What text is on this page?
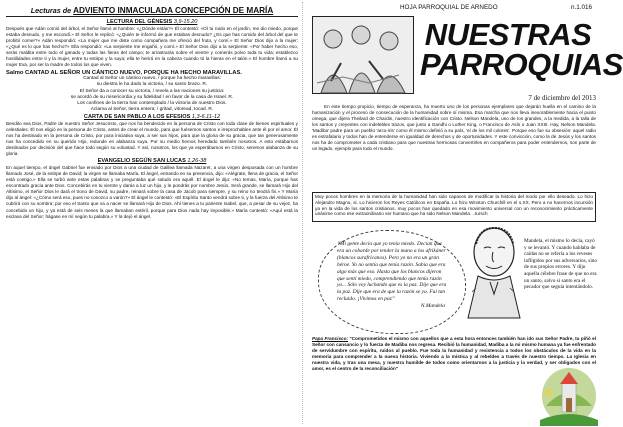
Lecturas de ADVIENTO INMACULADA CONCEPCIÓN DE MARÍA
LECTURA DEL GÉNESIS 3,9-15.20

Después que Adán comió del árbol, el Señor llamó al hombre: «¿Dónde estás?» Él contestó: «Oí tu ruido en el jardín, me dio miedo, porque estaba desnudo, y me escondí.» El Señor le replicó: «¿Quién te informó de que estabas desnudo? ¿Es que has comido del árbol del que te prohibí comer?» Adán respondió: «La mujer que me diste como compañera me ofreció del fruto, y comí.» El Señor Dios dijo a la mujer: «¿Qué es lo que has hecho?» Ella respondió: «La serpiente me engañó, y comí.» El Señor Dios dijo a la serpiente: «Por haber hecho eso, serás maldita entre todo el ganado y todas las fieras del campo; te arrastrarás sobre el vientre y comerás polvo toda tu vida; establezco hostilidades entre ti y la mujer, entre tu estirpe y la suya; ella te herirá en la cabeza cuando tú la hieras en el talón.» El hombre llamó a su mujer Eva, por ser la madre de todos los que viven.

Salmo CANTAD AL SEÑOR UN CÁNTICO NUEVO, PORQUE HA HECHO MARAVILLAS.

Cantad al Señor un cántico nuevo, / porque ha hecho maravillas:

su diestra le ha dado la victoria, / su santo brazo. R.

El Señor da a conocer su victoria, / revela a las naciones su justicia:

se acordó de su misericordia y su fidelidad / en favor de la casa de Israel. R.

Los confines de la tierra han contemplado / la victoria de nuestro Dios.

Aclama al Señor, tierra entera; / gritad, vitoread, tocad. R.

CARTA DE SAN PABLO A LOS EFESIOS 1,3-6.11-12

Bendito sea Dios, Padre de nuestro Señor Jesucristo, que nos ha bendecido en la persona de Cristo con toda clase de bienes espirituales y celestiales. Él nos eligió en la persona de Cristo, antes de crear el mundo, para que fuésemos santos e irreprochables ante él por el amor. Él nos ha destinado en la persona de Cristo, por pura iniciativa suya, a ser sus hijos, para que la gloria de su gracia, que tan generosamente nos ha concedido en su querido Hijo, redunde en alabanza suya. Por su medio hemos heredado también nosotros. A esto estábamos destinados por decisión del que hace todo según su voluntad. Y así, nosotros, los que ya esperábamos en Cristo, seremos alabanza de su gloria.

EVANGELIO SEGÚN SAN LUCAS 1,26-38

En aquel tiempo, el ángel Gabriel fue enviado por Dios a una ciudad de Galilea llamada Nazaret, a una virgen desposada con un hombre llamado José, de la estirpe de David; la virgen se llamaba María. El ángel, entrando en su presencia, dijo: «Alégrate, llena de gracia, el Señor está contigo.» Ella se turbó ante estas palabras y se preguntaba qué saludo era aquél. El ángel le dijo: «No temas, María, porque has encontrado gracia ante Dios. Concebirás en tu vientre y darás a luz un hijo, y le pondrás por nombre Jesús. Será grande, se llamará Hijo del Altísimo, el Señor Dios le dará el trono de David, su padre, reinará sobre la casa de Jacob para siempre, y su reino no tendrá fin.» Y María dijo al ángel: «¿Cómo será eso, pues no conozco a varón?» El ángel le contestó: «El Espíritu Santo vendrá sobre ti, y la fuerza del Altísimo te cubrirá con su sombra; por eso el Santo que va a nacer se llamará Hijo de Dios. Ahí tienes a tu pariente Isabel, que, a pesar de su vejez, ha concebido un hijo, y ya está de seis meses la que llamaban estéril, porque para Dios nada hay imposible.» María contestó: «Aquí está la esclava del Señor; hágase en mí según tu palabra.» Y la dejó el ángel.

HOJA PARROQUIAL DE ARNEDO	n.1.016
NUESTRAS
PARROQUIAS
7 de diciembre del 2013

En este tiempo propicio, tiempo de esperanza, ha muerto uno de los personas ejemplares que dejarán huella en el camino de la humanización y el proceso de consecución de la humanidad sobre sí misma. Esa marcha que nos lleva inexorablemente hacia el punto omega, que dijera Theilard de Chardin, nuestro identificación con Cristo. Nelson Mandela, uno de los grandes, a la medida, a la talla de los santos y creyentes con indelebles trazos, que junto a Gandhi o Luther King, o Francisco de Asís o Juan XXIII. Hay, Nelson Mandela. 'Madiba' padre para un pueblo 'arco-iris' como él mismo definió a su país, 'el de los mil colores'. Porque eso fue su obsesión: aquel radio es estrafalario y todos han de entenderse en igualdad de derechos y de oportunidades. Y este convicción, como la de Jesús y los santos nos ha de comprometer a cada cristiano para que nuestras hermosas convertirles en compañeros para poder entendernos, son parte de un legado, ejemplo para todo el mundo.

Muy pocos hombres en la memoria de la humanidad han sido capaces de modificar la historia del modo por ello deseado. Lo hizo Alejandro Magno, si. Lo hicieron los Reyes Católicos en España. Lo hizo Winston Churchill en el s.XX. Pero a no hacernos incursión ya en la vida de los santos cristianos, muy pocos han quedado en esa movimiento universal con un reconocimiento prácticamente unánime como ese extraordinario ser humano que ha sido Nelson Mandela. ..tursch
“Mi gente decía que yo tenía miedo. Decían que era un cobarde por tender la mano a los afrikáner (blancos surafricanos). Pero yo no era un gran héroe. Yo no sentía que tenía razón. Sabía que era algo más que eso. Hasta que los blancos dijeron que sentí miedo, comprendiendo que tenía razón yo... Sólo voy luchando que es la paz. Dije que era la paz. Dije que era de que la razón se yo. Fui tan recluido. ¡Vivimos en paz”
N.Mandela
Mandela, el mismo lo decía, cayó y se levantó. Y cuando hablaba de caídas no se refería a los reveses infligidos por sus adversarios, sino de sus propios errores. Y dijo aquella célebre frase de que no era un santo, salvo si santo era el pecador que seguía intentándolo.
Papa Francisco: "Comprometidos el mismo con aquellos que a esta hora entonces también han ido sus Señor Padre, tu piñó el Señor con cansancio y lo fuerza de Madiba nos regresa. Recibió la humanidad, Madiba a la mi mismo humana ya fue enfrentado de servidumbre con espíritu, ruidos al pueblo. Fue toda la humanidad y resistencia a todos los obstáculos de la vida en la memoria para comprender a la nueva historia. Viviendo a la mística y al rebeldes a través de nuestro tiempo. La Iglesia en nuestra vida, y tras una mesa, y nuestra humilde de todos como orientarnos a la justicia y la verdad, y ser obligados con el amor, es el centro de la reconciliación"
